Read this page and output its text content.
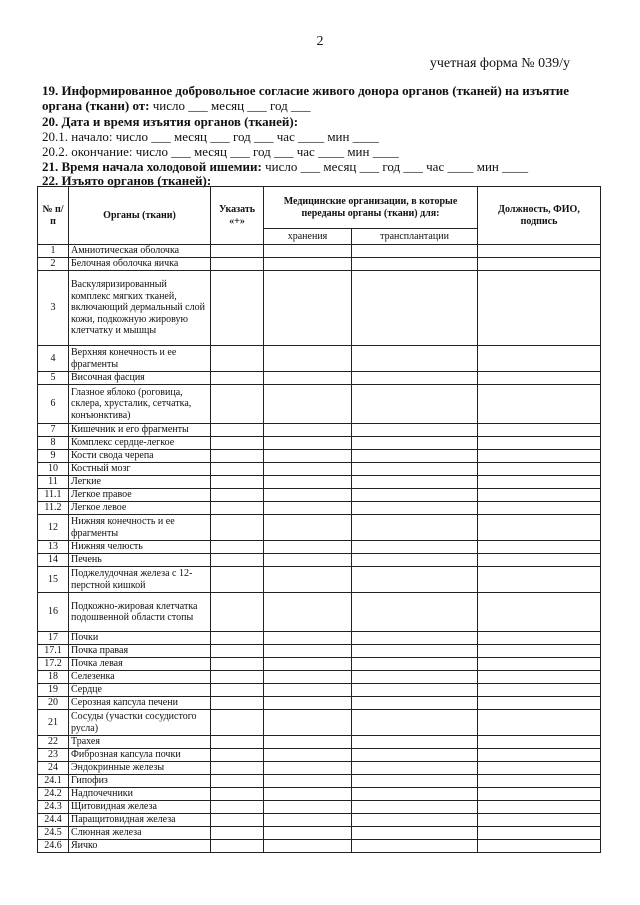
2
учетная форма № 039/у
19. Информированное добровольное согласие живого донора органов (тканей) на изъятие
органа (ткани) от: число ___ месяц ___ год ___
20. Дата и время изъятия органов (тканей):
20.1. начало: число ___ месяц ___ год ___ час ____ мин ____
20.2. окончание: число ___ месяц ___ год ___ час ____ мин ____
21. Время начала холодовой ишемии: число ___ месяц ___ год ___ час ____ мин ____
22. Изъято органов (тканей):
№ п/п	Органы (ткани)	Указать «+»	Медицинские организации, в которые переданы органы (ткани) для:		Должность, ФИО, подпись
			хранения	трансплантации	
1	Амниотическая оболочка				
2	Белочная оболочка яичка				
3	Васкуляризированный комплекс мягких тканей, включающий дермальный слой кожи, подкожную жировую клетчатку и мышцы				
4	Верхняя конечность и ее фрагменты				
5	Височная фасция				
6	Глазное яблоко (роговица, склера, хрусталик, сетчатка, конъюнктива)				
7	Кишечник и его фрагменты				
8	Комплекс сердце-легкое				
9	Кости свода черепа				
10	Костный мозг				
11	Легкие				
11.1	Легкое правое				
11.2	Легкое левое				
12	Нижняя конечность и ее фрагменты				
13	Нижняя челюсть				
14	Печень				
15	Поджелудочная железа с 12-перстной кишкой				
16	Подкожно-жировая клетчатка подошвенной области стопы				
17	Почки				
17.1	Почка правая				
17.2	Почка левая				
18	Селезенка				
19	Сердце				
20	Серозная капсула печени				
21	Сосуды (участки сосудистого русла)				
22	Трахея				
23	Фиброзная капсула почки				
24	Эндокринные железы				
24.1	Гипофиз				
24.2	Надпочечники				
24.3	Щитовидная железа				
24.4	Паращитовидная железа				
24.5	Слюнная железа				
24.6	Яичко				
